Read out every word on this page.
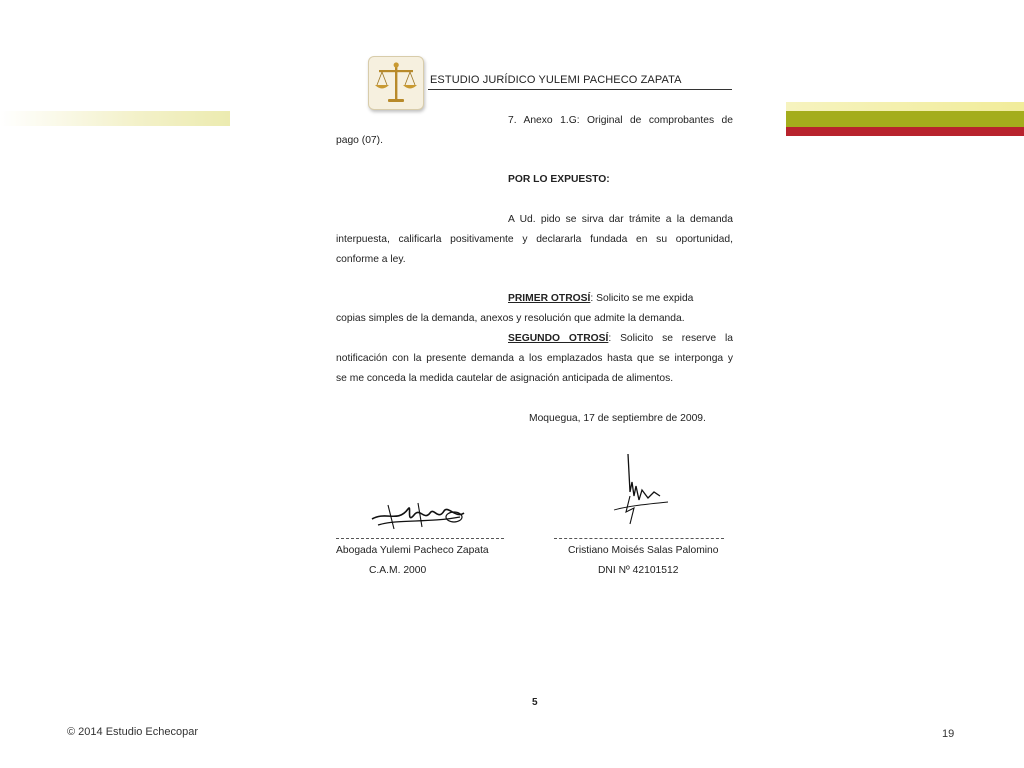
ESTUDIO JURÍDICO YULEMI PACHECO ZAPATA
7. Anexo 1.G: Original de comprobantes de
pago (07).
POR LO EXPUESTO:
A Ud. pido se sirva dar trámite a la demanda
interpuesta, calificarla positivamente y declararla fundada en su oportunidad,
conforme a ley.
PRIMER OTROSÍ: Solicito se me expida
copias simples de la demanda, anexos y resolución que admite la demanda.
SEGUNDO OTROSÍ: Solicito se reserve la
notificación con la presente demanda a los emplazados hasta que se interponga y
se me conceda la medida cautelar de asignación anticipada de alimentos.
Moquegua, 17 de septiembre de 2009.
Abogada Yulemi Pacheco Zapata
C.A.M. 2000
Cristiano Moisés Salas Palomino
DNI Nº 42101512
5
© 2014 Estudio Echecopar	19
